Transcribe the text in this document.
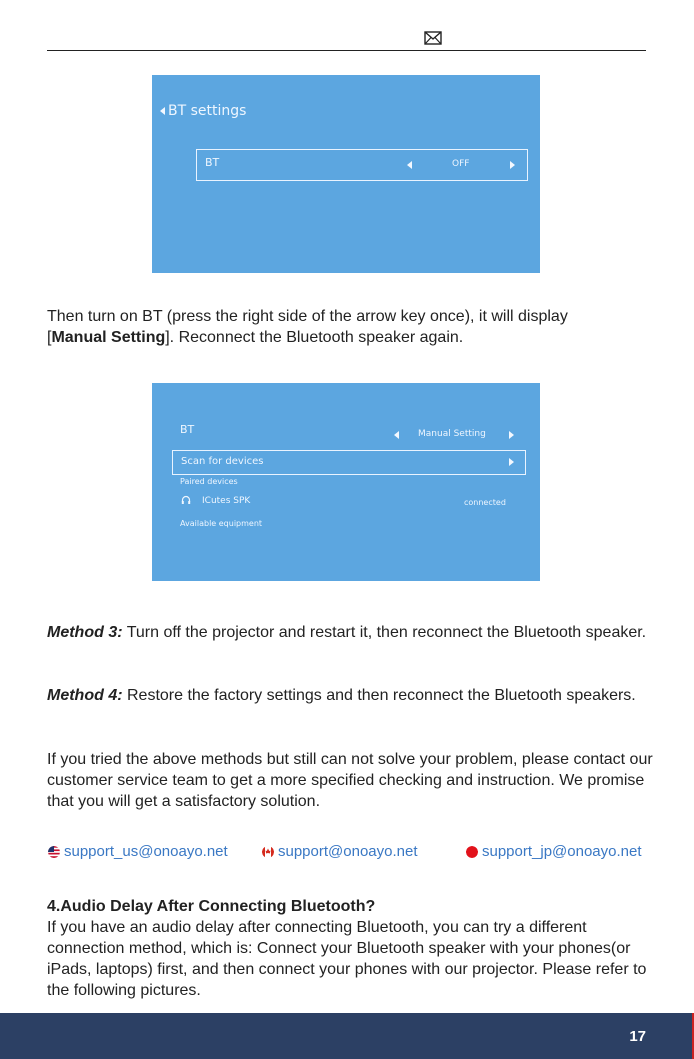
BT settings
BT	OFF

Then turn on BT (press the right side of the arrow key once), it will display
[Manual Setting]. Reconnect the Bluetooth speaker again.

BT	Manual Setting
Scan for devices
Paired devices
ICutes SPK	connected
Available equipment

Method 3: Turn off the projector and restart it, then reconnect the Bluetooth speaker.

Method 4: Restore the factory settings and then reconnect the Bluetooth speakers.

If you tried the above methods but still can not solve your problem, please contact our customer service team to get a more specified checking and instruction. We promise that you will get a satisfactory solution.

support_us@onoayo.net	support@onoayo.net	support_jp@onoayo.net

4.Audio Delay After Connecting Bluetooth?
If you have an audio delay after connecting Bluetooth, you can try a different connection method, which is: Connect your Bluetooth speaker with your phones(or iPads, laptops) first, and then connect your phones with our projector. Please refer to the following pictures.

17
